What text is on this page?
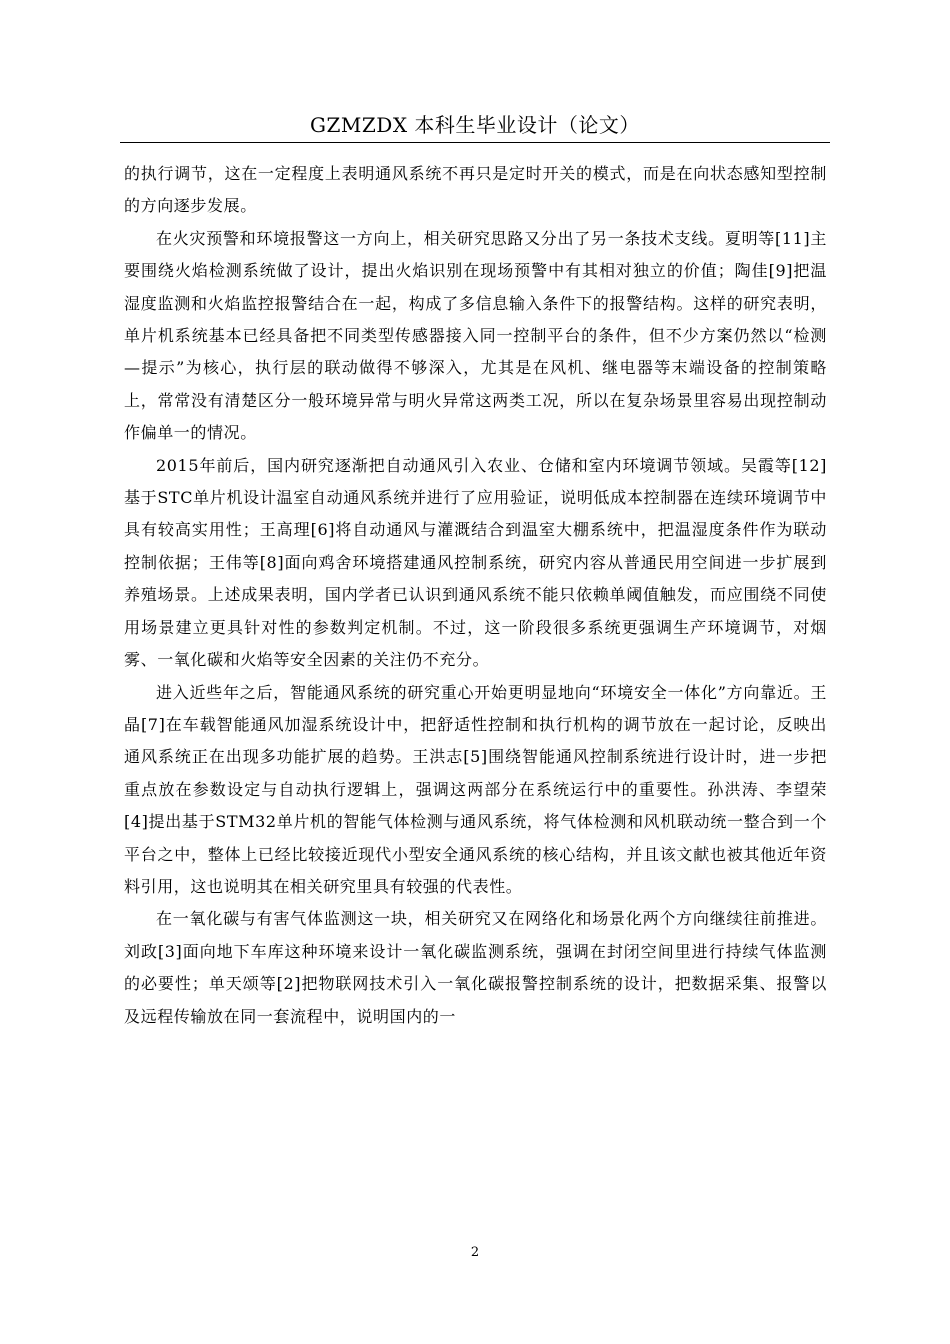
GZMZDX 本科生毕业设计（论文）

的执行调节，这在一定程度上表明通风系统不再只是定时开关的模式，而是在向状态感知型控制的方向逐步发展。

在火灾预警和环境报警这一方向上，相关研究思路又分出了另一条技术支线。夏明等[11]主要围绕火焰检测系统做了设计，提出火焰识别在现场预警中有其相对独立的价值；陶佳[9]把温湿度监测和火焰监控报警结合在一起，构成了多信息输入条件下的报警结构。这样的研究表明，单片机系统基本已经具备把不同类型传感器接入同一控制平台的条件，但不少方案仍然以“检测—提示”为核心，执行层的联动做得不够深入，尤其是在风机、继电器等末端设备的控制策略上，常常没有清楚区分一般环境异常与明火异常这两类工况，所以在复杂场景里容易出现控制动作偏单一的情况。

2015年前后，国内研究逐渐把自动通风引入农业、仓储和室内环境调节领域。吴霞等[12]基于STC单片机设计温室自动通风系统并进行了应用验证，说明低成本控制器在连续环境调节中具有较高实用性；王高理[6]将自动通风与灌溉结合到温室大棚系统中，把温湿度条件作为联动控制依据；王伟等[8]面向鸡舍环境搭建通风控制系统，研究内容从普通民用空间进一步扩展到养殖场景。上述成果表明，国内学者已认识到通风系统不能只依赖单阈值触发，而应围绕不同使用场景建立更具针对性的参数判定机制。不过，这一阶段很多系统更强调生产环境调节，对烟雾、一氧化碳和火焰等安全因素的关注仍不充分。

进入近些年之后，智能通风系统的研究重心开始更明显地向“环境安全一体化”方向靠近。王晶[7]在车载智能通风加湿系统设计中，把舒适性控制和执行机构的调节放在一起讨论，反映出通风系统正在出现多功能扩展的趋势。王洪志[5]围绕智能通风控制系统进行设计时，进一步把重点放在参数设定与自动执行逻辑上，强调这两部分在系统运行中的重要性。孙洪涛、李望荣[4]提出基于STM32单片机的智能气体检测与通风系统，将气体检测和风机联动统一整合到一个平台之中，整体上已经比较接近现代小型安全通风系统的核心结构，并且该文献也被其他近年资料引用，这也说明其在相关研究里具有较强的代表性。

在一氧化碳与有害气体监测这一块，相关研究又在网络化和场景化两个方向继续往前推进。刘政[3]面向地下车库这种环境来设计一氧化碳监测系统，强调在封闭空间里进行持续气体监测的必要性；单天颂等[2]把物联网技术引入一氧化碳报警控制系统的设计，把数据采集、报警以及远程传输放在同一套流程中，说明国内的一

2
